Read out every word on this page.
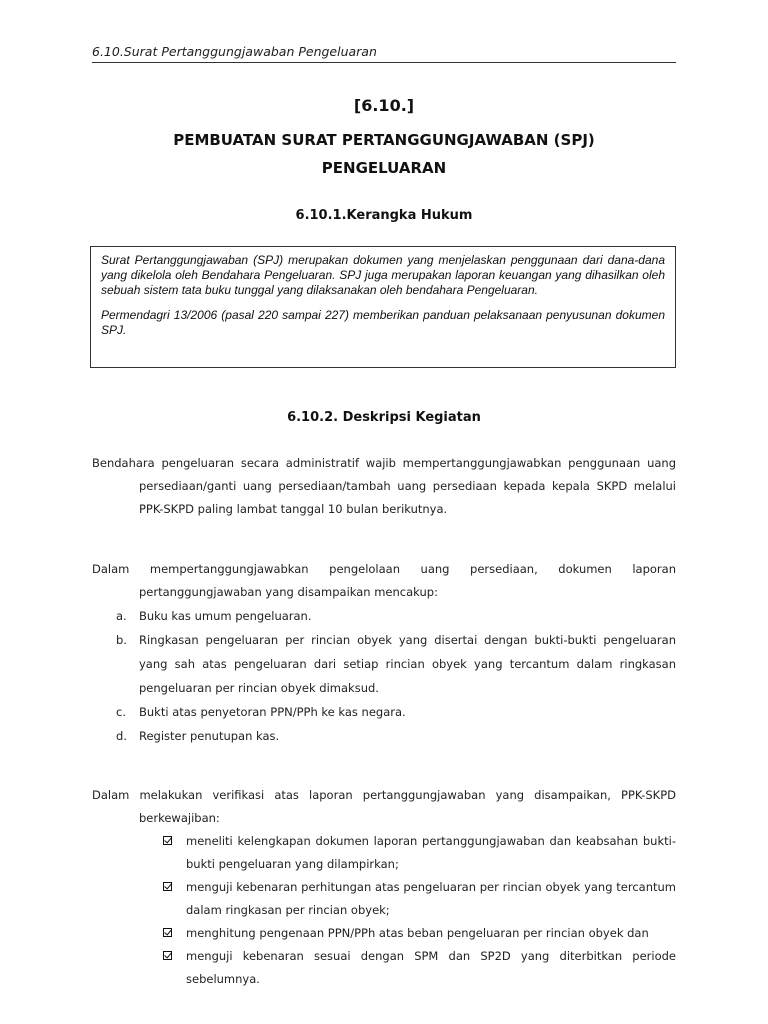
6.10.Surat Pertanggungjawaban Pengeluaran
[6.10.]
PEMBUATAN SURAT PERTANGGUNGJAWABAN (SPJ)
PENGELUARAN
6.10.1.Kerangka Hukum

Surat Pertanggungjawaban (SPJ) merupakan dokumen yang menjelaskan penggunaan dari dana-dana yang dikelola oleh Bendahara Pengeluaran. SPJ juga merupakan laporan keuangan yang dihasilkan oleh sebuah sistem tata buku tunggal yang dilaksanakan oleh bendahara Pengeluaran.

Permendagri 13/2006 (pasal 220 sampai 227) memberikan panduan pelaksanaan penyusunan dokumen SPJ.

6.10.2. Deskripsi Kegiatan
Bendahara pengeluaran secara administratif wajib mempertanggungjawabkan penggunaan uang
persediaan/ganti uang persediaan/tambah uang persediaan kepada kepala SKPD melalui PPK-SKPD paling lambat tanggal 10 bulan berikutnya.
Dalam mempertanggungjawabkan pengelolaan uang persediaan, dokumen laporan
pertanggungjawaban yang disampaikan mencakup:
a. Buku kas umum pengeluaran.
b. Ringkasan pengeluaran per rincian obyek yang disertai dengan bukti-bukti pengeluaran yang sah atas pengeluaran dari setiap rincian obyek yang tercantum dalam ringkasan pengeluaran per rincian obyek dimaksud.
c. Bukti atas penyetoran PPN/PPh ke kas negara.
d. Register penutupan kas.
Dalam melakukan verifikasi atas laporan pertanggungjawaban yang disampaikan, PPK-SKPD
berkewajiban:
meneliti kelengkapan dokumen laporan pertanggungjawaban dan keabsahan bukti-bukti pengeluaran yang dilampirkan;
menguji kebenaran perhitungan atas pengeluaran per rincian obyek yang tercantum dalam ringkasan per rincian obyek;
menghitung pengenaan PPN/PPh atas beban pengeluaran per rincian obyek dan
menguji kebenaran sesuai dengan SPM dan SP2D yang diterbitkan periode sebelumnya.
